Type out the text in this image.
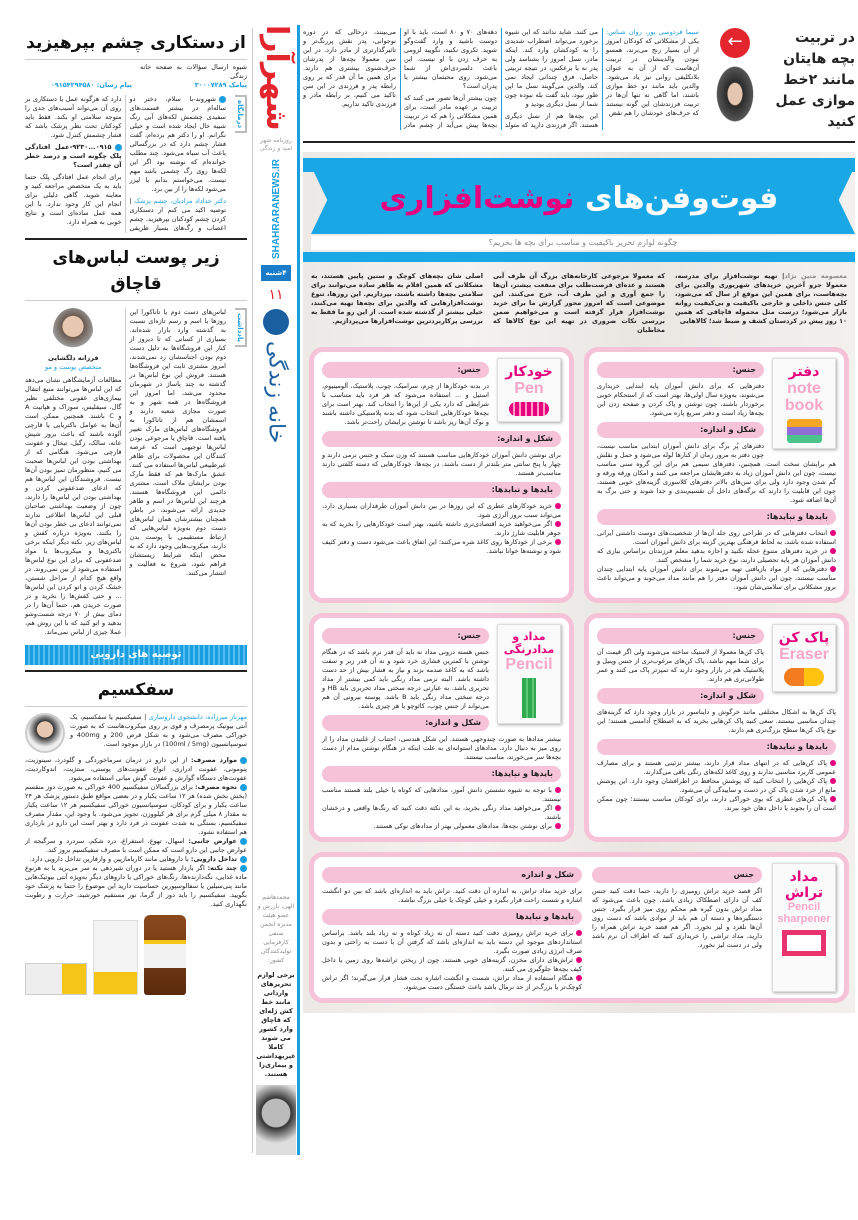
از دستکاری چشم بپرهیزید
شیوه ارسال سؤالات به صفحه خانه زندگی
پیامک ۳۰۰۰۷۲۸۹
پیام رسان: ۰۹۱۵۴۲۹۴۵۸۰
درمانگاه
شهروند-با سلام، دختر دو ساله‌ام در بیشتر قسمت‌های سفیدی چشمش لکه‌های آبی رنگ شبیه خال ایجاد شده است و خیلی نگرانم. او را دکتر هم برده‌ام، گفت فشار چشم دارد که در بزرگسالی باعث آب سیاه می‌شود. چند مطلب خوانده‌ام که نوشته بود اگر این لکه‌ها روی رگ چشمی باشد مهم نیست. می‌خواستم بدانم با لیزر می‌شود لکه‌ها را از بین برد.
دکتر خداداد مرادیان، چشم پزشک | توصیه اکید می کنم از دستکاری کردن چشم کودکتان بپرهیزید. چشم اعصاب و رگ‌های بسیار ظریفی دارد که هرگونه عمل یا دستکاری بر روی آن می‌تواند آسیب‌های جدی را متوجه سلامتی او بکند. فقط باید کودکتان تحت نظر پزشک باشد که فشار چشمش کنترل شود.
۰۹۱۵...۹۲۳۰-عمل افتادگی پلک چگونه است و درصد خطر آن چقدر است؟
برای انجام عمل افتادگی پلک حتما باید به یک متخصص مراجعه کنید و معاینه شوید. گاهی دلیلی برای انجام این کار وجود ندارد. با این همه عمل ساده‌ای است و نتایج خوبی به همراه دارد.
زیر پوست لباس‌های قاچاق
یادداشت
لباس‌های دست دوم یا تاناکورا این روزها با اسم و رسم تازه‌ای نسبت به گذشته وارد بازار شده‌اند. بسیاری از کسانی که تا دیروز از کنار این فروشگاه‌ها به دلیل دست دوم بودن اجناسشان رد نمی‌شدند، امروز مشتری ثابت این فروشگاه‌ها هستند. فروش این نوع لباس‌ها در گذشته به چند پاساژ در شهرمان محدود می‌شد، اما امروز این فروشگاه‌ها در همه شهر و به صورت مجازی شعبه دارند و اسمشان هم از تاناکورا به فروشگاه‌های لباس‌های مارک تغییر یافته است. قاچاق یا مرجوعی بودن لباس‌ها توجیهی است که عرضه کنندگان این محصولات برای ظاهر غیرطبیعی لباس‌ها استفاده می کنند. عشق مارک‌ها هم که فقط مارک بودن برایشان ملاک است، مشتری دائمی این فروشگاه‌ها هستند. هرچند این لباس‌ها در اسم و ظاهر جدیدی ارائه می‌شوند، در باطن همچنان بیشترشان همان لباس‌های دست دوم به‌ویژه لباس‌هایی که ارتباط مستقیمی با پوست بدن دارند، میکروب‌هایی وجود دارد که به محض اینکه شرایط زیستشان فراهم شود، شروع به فعالیت و انتشار می‌کنند.
فرزانه دلگشایی
متخصص پوست و مو
مطالعات آزمایشگاهی نشان می‌دهد که این لباس‌ها می‌توانند منبع انتقال بیماری‌های عفونی مختلفی نظیر گال، سیفلیس، سوزاک و هپاتیت A و C باشند. همچنین ممکن است آن‌ها به عوامل باکتریایی یا قارچی آلوده باشند که باعث بروز شپش عانه، سالک، زگیل، تبخال و عفونت قارچی می‌شود. هنگامی که از بهداشتی بودن این لباس‌ها صحبت می کنیم، منظورمان تمیز بودن آن‌ها نیست. فروشندگان این لباس‌ها هم که ادعای ضدعفونی کردن و بهداشتی بودن این لباس‌ها را دارند، چون از وضعیت بهداشتی صاحبان قبلی این لباس‌ها اطلاعی ندارند نمی‌توانند ادعای بی خطر بودن آن‌ها را بکنند، به‌ویژه درباره کفش و لباس‌های زیر. نکته دیگر اینکه برخی باکتری‌ها و میکروب‌ها با مواد ضدعفونی که برای این نوع لباس‌ها استفاده می‌شود از بین نمی‌روند. در واقع هیچ کدام از مراحل شستن، خشک کردن و اتو کردن این لباس‌ها ... و حتی کفش‌ها را نخرید و در صورت خریدن هم، حتما آن‌ها را در دمای بیش از ۷۰ درجه شست‌وشو بدهید و اتو کنید که با این روش هم، عملا چیزی از لباس نمی‌ماند.
توصیه های دارویی
سفکسیم
مهرناز میرزاده، دانشجوی داروسازی | سفیکسیم یا سفکسیم، یک آنتی بیوتیک پرمصرف و قوی بر روی میکروب‌هاست که به صورت خوراکی مصرف می‌شود و به شکل قرص 200 و 400mg و سوسپانسیون (100ml / 5mg) در بازار موجود است.
موارد مصرف: از این دارو در درمان سرماخوردگی و گلودرد، سینوزیت، پنومونی، عفونت ادراری، انواع عفونت‌های پوستی، منتژیت، اندوکاردیت، عفونت‌های دستگاه گوارش و عفونت گوش میانی استفاده می‌شود.
نحوه مصرف: برای بزرگسالان سفیکسیم 400 خوراکی به صورت دوز منقسم (بخش بخش شده) هر ۱۲ ساعت یکبار و در بعضی مواقع طبق دستور پزشک هر ۲۴ ساعت یکبار و برای کودکان، سوسپانسیون خوراکی سفیکسیم هر ۱۲ ساعت یکبار به مقدار ۸ میلی گرم برای هر کیلووزن، تجویز می‌شود. با وجود این، مقدار مصرف سفیکسیم، بستگی به شدت عفونت در فرد دارد و بهتر است این دارو در بارداری هم استفاده نشود.
عوارض جانبی: اسهال، تهوع، استفراغ، درد شکم، سردرد و سرگیجه از عوارض جانبی این دارو است که ممکن است با مصرف سفیکسیم بروز کند.
تداخل دارویی: با داروهایی مانند کاربامازپین و وارفارین تداخل دارویی دارد.
چند نکته: اگر باردار هستید یا در دوران شیردهی به سر می‌برید یا به هرنوع ماده غذایی، نگه‌دارنده‌ها، رنگ‌های خوراکی یا داروهای دیگر به‌ویژه آنتی بیوتیک‌هایی مانند پنی‌سیلین یا سفالوسپورین حساسیت دارید این موضوع را حتما به پزشک خود بگویید. سفیکسیم را باید دور از گرما، نور مستقیم خورشید، حرارت و رطوبت نگهداری کنید.
شهرآرا
روزنامه شهر امید و زندگی
SHAHRARANEWS.IR
۴شنبه
۱۱
خانه زندگی
محمدهاشم الهی، بازرس و عضو هیئت مدیره انجمن صنفی کارفرمایی تولیدکنندگان کشور:
برخی لوازم تحریرهای وارداتی مانند خط کش ژله‌ای که قاچاق وارد کشور می شوند کاملا غیربهداشتی و بیماری‌زا هستند.
در تربیت بچه هایتان مانند ۲خط موازی عمل کنید
←
سیما فردوسی پور، روان شناس: یکی از مشکلاتی که کودکان امروز از آن بسیار رنج می‌برند، همسو نبودن والدینشان در تربیت آن‌هاست که از آن به عنوان بلاتکلیفی روانی نیز یاد می‌شود. والدین باید مانند دو خط موازی باشند، اما گاهی نه تنها آن‌ها در تربیت فرزندشان این گونه نیستند که حرف‌های خودشان را هم نقض
می کنند. شاید ندانند که این شیوه برخورد می‌تواند اضطراب شدیدی را به کودکشان وارد کند. اینکه مادر، نسل امروز را بشناسد ولی پدر نه یا برعکس، در نتیجه تربیتی حاصل، فرق چندانی ایجاد نمی کند. والدین می‌گویند نسل ما این طور نبود، باید گفت بله نبوده چون شما از نسل دیگری بودید و
این بچه‌ها هم از نسل دیگری هستند. اگر فرزندی دارید که متولد دهه‌های ۷۰ و ۸۰ است، باید با او دوست باشید و وارد گفت‌وگو شوید. تکروی نکنید، نگویید لزومی به حرف زدن با او نیست. این باعث دلسردی‌اش از شما می‌شود. روی محبتمان بیشتر یا پدران است؟
چون بیشتر آن‌ها تصور می کنند که تربیت بر عهده مادر است، برای همین مشکلاتی را هم که در تربیت بچه‌ها پیش می‌آید از چشم مادر می‌بینند، درحالی که در دوره نوجوانی، پدر نقش پررنگ‌تر و تاثیرگذارتری از مادر دارد. در این سن معمولا بچه‌ها از پدرشان حرف‌شنوی بیشتری هم دارند. برای همین ما آن قدر که بر روی رابطه پدر و فرزندی در این سن تاکید می کنیم، بر رابطه مادر و فرزندی تاکید نداریم.
فوت‌وفن‌های نوشت‌افزاری
چگونه لوازم تحریر باکیفیت و مناسب برای بچه ها بخریم؟
معصومه متین نژاد| تهیه نوشت‌افزار برای مدرسه، معمولا جزو آخرین خریدهای شهریوری والدین برای بچه‌هاست، برای همین این موقع از سال که می‌شود، کلی جنس داخلی و خارجی باکیفیت و بی‌کیفیت روانه بازار می‌شود؛ درست مثل محموله قاچاقی که همین ۱۰ روز پیش در کردستان کشف و ضبط شد؛ کالاهایی
که معمولا مرجوعی کارخانه‌های بزرگ آن طرف آبی هستند و عده‌ای فرصت‌طلب برای منفعت بیشتر، آن‌ها را جمع آوری و این طرف آب، خرج می‌کنند. این موضوعی است که امروز محور گزارش ما برای خرید نوشت‌افزار قرار گرفته است و می‌خواهیم ضمن بررسی نکات ضروری در تهیه این نوع کالاها که مخاطبان
اصلی شان بچه‌های کوچک و سنین پایین هستند، به مشکلاتی که همین اقلام به ظاهر ساده می‌توانند برای سلامتی بچه‌ها داشته باشند، بپردازیم. این روزها، تنوع نوشت‌افزارهایی که والدین برای بچه‌ها تهیه می‌کنند، خیلی بیشتر از گذشته شده است. از این رو ما فقط به بررسی پرکاربردترین نوشت‌افزارها می‌پردازیم.
دفتر
note book
جنس:
دفترهایی که برای دانش آموزان پایه ابتدایی خریداری می‌شوند، به‌ویژه سال اولی‌ها، بهتر است که از استحکام خوبی برخوردار باشند، چون نوشتن و پاک کردن و صفحه زدن این بچه‌ها زیاد است و دفتر سریع پاره می‌شود.
شکل و اندازه:
دفترهای پُر برگ برای دانش آموزان ابتدایی مناسب نیست، چون دفتر به مرور زمان از کنارها لوله می‌شود و حمل و نقلش هم برایشان سخت است. همچنین، دفترهای سیمی هم برای این گروه سنی مناسب نیست، چون این دانش آموزان زیاد به دفترهایشان مراجعه می کنند و امکان ورقه ورقه و گم شدن وجود دارد ولی برای سن‌های بالاتر دفترهای کلاسوری گزینه‌های خوبی هستند، چون این قابلیت را دارند که برگه‌های داخل آن تقسیم‌بندی و جدا شوند و حتی برگ به آن‌ها اضافه شود.
بایدها و نبایدها:
انتخاب دفترهایی که در طراحی روی جلد آن‌ها از شخصیت‌های دوست داشتنی ایرانی استفاده شده باشد، به لحاظ فرهنگی بهترین گزینه برای دانش آموزان است.
در خرید دفترهای متنوع عجله نکنید و اجازه بدهید معلم فرزندتان براساس نیازی که دانش آموزان هر پایه تحصیلی دارند، نوع خرید شما را مشخص کنند.
دفترهایی که از مواد بازیافتی تهیه می‌شوند برای دانش آموزان پایه ابتدایی چندان مناسب نیستند، چون این دانش آموزان دفتر را هم مانند مداد می‌جوند و می‌تواند باعث بروز مشکلاتی برای سلامتی‌شان شود.
خودکار
Pen
جنس:
در بدنه خودکارها از چرم، سرامیک، چوب، پلاستیک، آلومینیوم، استیل و ... استفاده می‌شود که هر فرد باید متناسب با شرایطی که دارد یکی از این‌ها را انتخاب کند. بهتر است برای بچه‌ها خودکارهایی انتخاب شود که بدنه پلاستیکی داشته باشند و نوک آن‌ها ریز باشد تا نوشتن برایشان راحت‌تر باشد.
شکل و اندازه:
برای نوشتن دانش آموزان خودکارهایی مناسب هستند که وزن سبک و جنس نرمی دارند و چهار یا پنج سانتی متر بلندتر از دست باشند. در بچه‌ها، خودکارهایی که دسته کلفتی دارند مناسب‌تر هستند.
بایدها و نبایدها:
خرید خودکارهای عطری که این روزها در بین دانش آموزان طرفداران بسیاری دارد، می‌تواند سبب بروز آلرژی شود.
اگر می‌خواهید خرید اقتصادی‌تری داشته باشید، بهتر است خودکارهایی را بخرید که به جوهر قابلیت شارژ دارند.
برخی از خودکارها روی کاغذ شره می‌کنند؛ این اتفاق باعث می‌شود دست و دفتر کثیف شود و نوشته‌ها خوانا نباشد.
پاک کن
Eraser
جنس:
پاک کن‌ها معمولا از لاستیک ساخته می‌شوند ولی اگر قیمت آن برای شما مهم نباشد، پاک کن‌های مرغوب‌تری از جنس وینیل و پلاستیک هم در بازار وجود دارند که تمیزتر پاک می کنند و عمر طولانی‌تری هم دارند.
شکل و اندازه:
پاک کن‌ها به اشکال مختلفی مانند خرگوش و دایناسور در بازار وجود دارد که گزینه‌های چندان مناسبی نیستند. سعی کنید پاک کن‌هایی بخرید که به اصطلاح آدامسی هستند؛ این نوع پاک کن‌ها سطح بزرگ‌تری هم دارند.
بایدها و نبایدها:
پاک کن‌هایی که در انتهای مداد قرار دارند، بیشتر تزئینی هستند و برای مصارف عمومی کاربرد مناسبی ندارند و روی کاغذ لکه‌های رنگی باقی می‌گذارند.
پاک کن‌هایی را انتخاب کنید که پوشش محافظ در اطرافشان وجود دارد. این پوشش مانع از خرد شدن پاک کن در دست و ساییدگی آن می‌شود.
پاک کن‌های عطری که بوی خوراکی دارند، برای کودکان مناسب نیستند؛ چون ممکن است آن را بجوند یا داخل دهان خود ببرند.
مداد و مدادرنگی
Pencil
جنس:
جنس هسته درونی مداد نه باید آن قدر نرم باشد که در هنگام نوشتن با کمترین فشاری خرد شود و نه آن قدر زبر و سفت باشد که به کاغذ صدمه بزند و نیاز به فشار بیش از حد دست داشته باشد. البته نرمی مداد رنگی باید کمی بیشتر از مداد تحریری باشد. به عبارتی درجه سختی مداد تحریری باید HB و درجه سختی مداد رنگی باید B باشد. پوسته بیرونی آن هم می‌تواند از جنس چوب، کائوچو یا هر چیزی باشد.
شکل و اندازه:
بیشتر مدادها به صورت چندوجهی هستند. این شکل هندسی، اجتناب از غلتیدن مداد را از روی میز به دنبال دارد. مدادهای استوانه‌ای به علت اینکه در هنگام نوشتن مدام از دست بچه‌ها سر می‌خورند، مناسب نیستند.
بایدها و نبایدها:
با توجه به شیوه نشستن دانش آموز، مدادهایی که کوتاه یا خیلی بلند هستند مناسب نیستند.
اگر می‌خواهید مداد رنگی بخرید، به این نکته دقت کنید که رنگ‌ها واقعی و درخشان باشند.
برای نوشتن بچه‌ها، مدادهای معمولی بهتر از مدادهای نوکی هستند.
مداد تراش
Pencil sharpener
جنس
اگر قصد خرید تراش رومیزی را دارید، حتما دقت کنید جنس کف آن دارای اصطکاک زیادی باشد، چون باعث می‌شود که مداد تراش بدون گیره هم محکم روی میز قرار بگیرد. جنس دستگیره‌ها و دسته آن هم باید از موادی باشد که دست روی آن‌ها نلغزد و لیز نخورد. اگر هم قصد خرید تراش همراه را دارید، مداد تراشی را خریداری کنید که اطراف آن نرم باشد ولی در دست لیز نخورد.
شکل و اندازه
برای خرید مداد تراش، به اندازه آن دقت کنید. تراش باید به اندازه‌ای باشد که بین دو انگشت اشاره و شست راحت قرار بگیرد و خیلی کوچک یا خیلی بزرگ نباشد.
بایدها و نبایدها
برای خرید تراش رومیزی دقت کنید دسته آن نه زیاد کوتاه و نه زیاد بلند باشد. براساس استانداردهای موجود این دسته باید به اندازه‌ای باشد که گرفتن آن با دست به راحتی و بدون صرف انرژی زیادی صورت بگیرد.
تراش‌های دارای مخزن، گزینه‌های خوبی هستند، چون از ریختن تراشه‌ها روی زمین یا داخل کیف بچه‌ها جلوگیری می کنند.
هنگام استفاده از مداد تراش، شست و انگشت اشاره تحت فشار قرار می‌گیرند؛ اگر تراش کوچک‌تر یا بزرگ‌تر از حد نرمال باشد باعث خستگی دست می‌شود.
